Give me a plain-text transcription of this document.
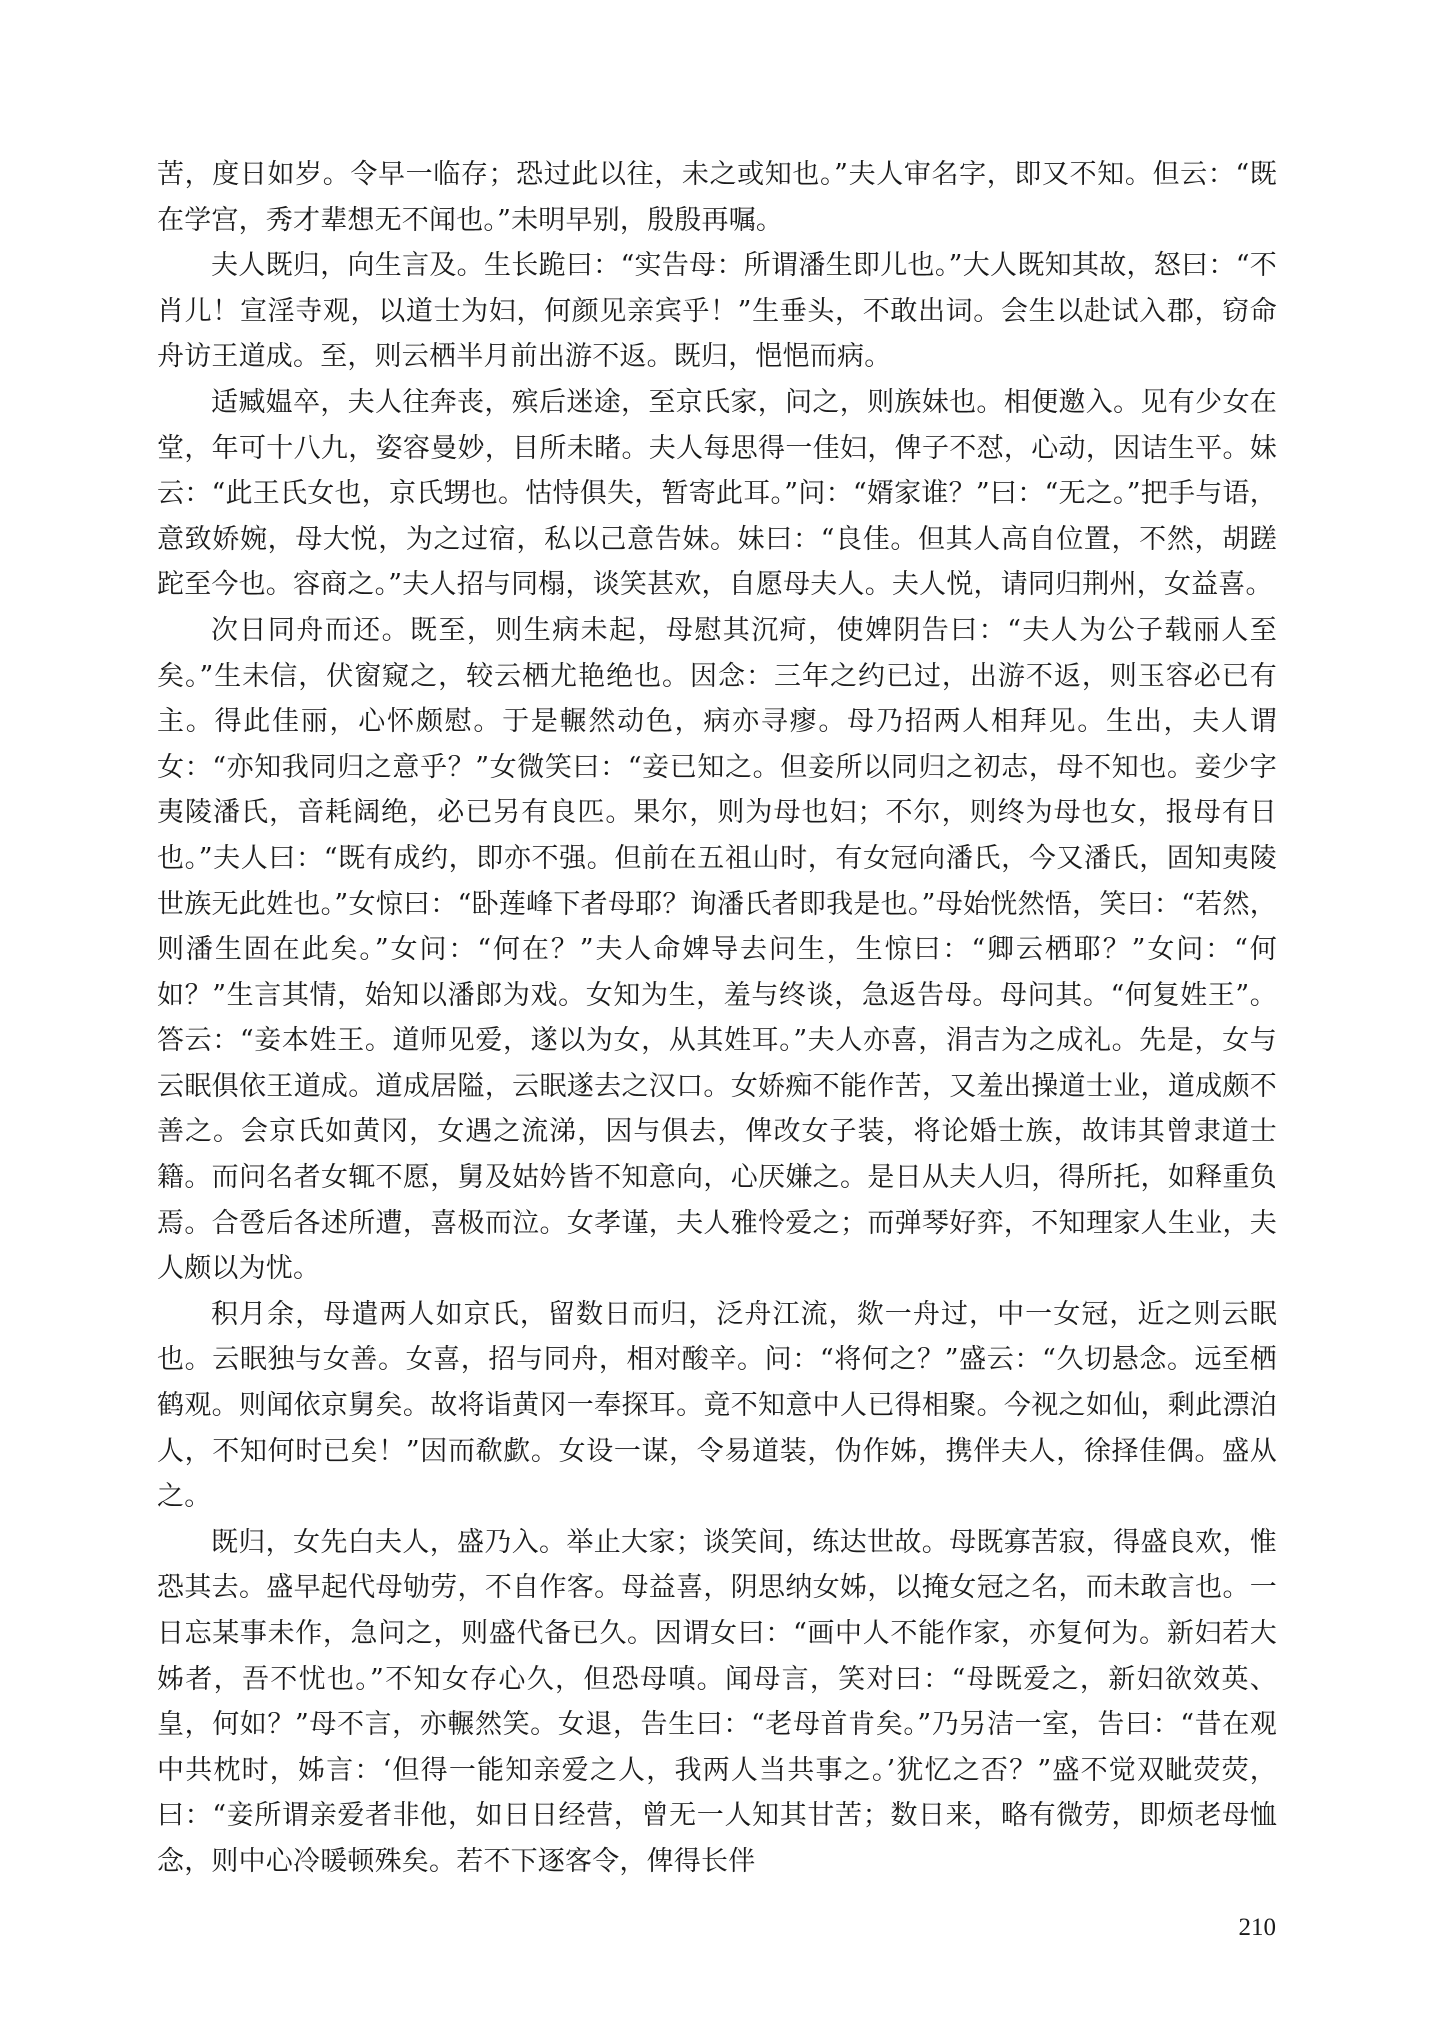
苦，度日如岁。令早一临存；恐过此以往，未之或知也。”夫人审名字，即又不知。但云：“既在学宫，秀才辈想无不闻也。”未明早别，殷殷再嘱。

夫人既归，向生言及。生长跪曰：“实告母：所谓潘生即儿也。”大人既知其故，怒曰：“不肖儿！宣淫寺观，以道士为妇，何颜见亲宾乎！”生垂头，不敢出词。会生以赴试入郡，窃命舟访王道成。至，则云栖半月前出游不返。既归，悒悒而病。

适臧媪卒，夫人往奔丧，殡后迷途，至京氏家，问之，则族妹也。相便邀入。见有少女在堂，年可十八九，姿容曼妙，目所未睹。夫人每思得一佳妇，俾子不怼，心动，因诘生平。妹云：“此王氏女也，京氏甥也。怙恃俱失，暂寄此耳。”问：“婿家谁？”曰：“无之。”把手与语，意致娇婉，母大悦，为之过宿，私以己意告妹。妹曰：“良佳。但其人高自位置，不然，胡蹉跎至今也。容商之。”夫人招与同榻，谈笑甚欢，自愿母夫人。夫人悦，请同归荆州，女益喜。

次日同舟而还。既至，则生病未起，母慰其沉疴，使婢阴告曰：“夫人为公子载丽人至矣。”生未信，伏窗窥之，较云栖尤艳绝也。因念：三年之约已过，出游不返，则玉容必已有主。得此佳丽，心怀颇慰。于是輾然动色，病亦寻瘳。母乃招两人相拜见。生出，夫人谓女：“亦知我同归之意乎？”女微笑曰：“妾已知之。但妾所以同归之初志，母不知也。妾少字夷陵潘氏，音耗阔绝，必已另有良匹。果尔，则为母也妇；不尔，则终为母也女，报母有日也。”夫人曰：“既有成约，即亦不强。但前在五祖山时，有女冠向潘氏，今又潘氏，固知夷陵世族无此姓也。”女惊曰：“卧莲峰下者母耶？询潘氏者即我是也。”母始恍然悟，笑曰：“若然，则潘生固在此矣。”女问：“何在？”夫人命婢导去问生，生惊曰：“卿云栖耶？”女问：“何如？”生言其情，始知以潘郎为戏。女知为生，羞与终谈，急返告母。母问其。“何复姓王”。答云：“妾本姓王。道师见爱，遂以为女，从其姓耳。”夫人亦喜，涓吉为之成礼。先是，女与云眠俱依王道成。道成居隘，云眠遂去之汉口。女娇痴不能作苦，又羞出操道士业，道成颇不善之。会京氏如黄冈，女遇之流涕，因与俱去，俾改女子装，将论婚士族，故讳其曾隶道士籍。而问名者女辄不愿，舅及姑妗皆不知意向，心厌嫌之。是日从夫人归，得所托，如释重负焉。合卺后各述所遭，喜极而泣。女孝谨，夫人雅怜爱之；而弹琴好弈，不知理家人生业，夫人颇以为忧。

积月余，母遣两人如京氏，留数日而归，泛舟江流，欻一舟过，中一女冠，近之则云眠也。云眠独与女善。女喜，招与同舟，相对酸辛。问：“将何之？”盛云：“久切悬念。远至栖鹤观。则闻依京舅矣。故将诣黄冈一奉探耳。竟不知意中人已得相聚。今视之如仙，剩此漂泊人，不知何时已矣！”因而欷歔。女设一谋，令易道装，伪作姊，携伴夫人，徐择佳偶。盛从之。

既归，女先白夫人，盛乃入。举止大家；谈笑间，练达世故。母既寡苦寂，得盛良欢，惟恐其去。盛早起代母劬劳，不自作客。母益喜，阴思纳女姊，以掩女冠之名，而未敢言也。一日忘某事未作，急问之，则盛代备已久。因谓女曰：“画中人不能作家，亦复何为。新妇若大姊者，吾不忧也。”不知女存心久，但恐母嗔。闻母言，笑对曰：“母既爱之，新妇欲效英、皇，何如？”母不言，亦輾然笑。女退，告生曰：“老母首肯矣。”乃另洁一室，告曰：“昔在观中共枕时，姊言：‘但得一能知亲爱之人，我两人当共事之。’犹忆之否？”盛不觉双眦荧荧，曰：“妾所谓亲爱者非他，如日日经营，曾无一人知其甘苦；数日来，略有微劳，即烦老母恤念，则中心冷暖顿殊矣。若不下逐客令，俾得长伴

210
